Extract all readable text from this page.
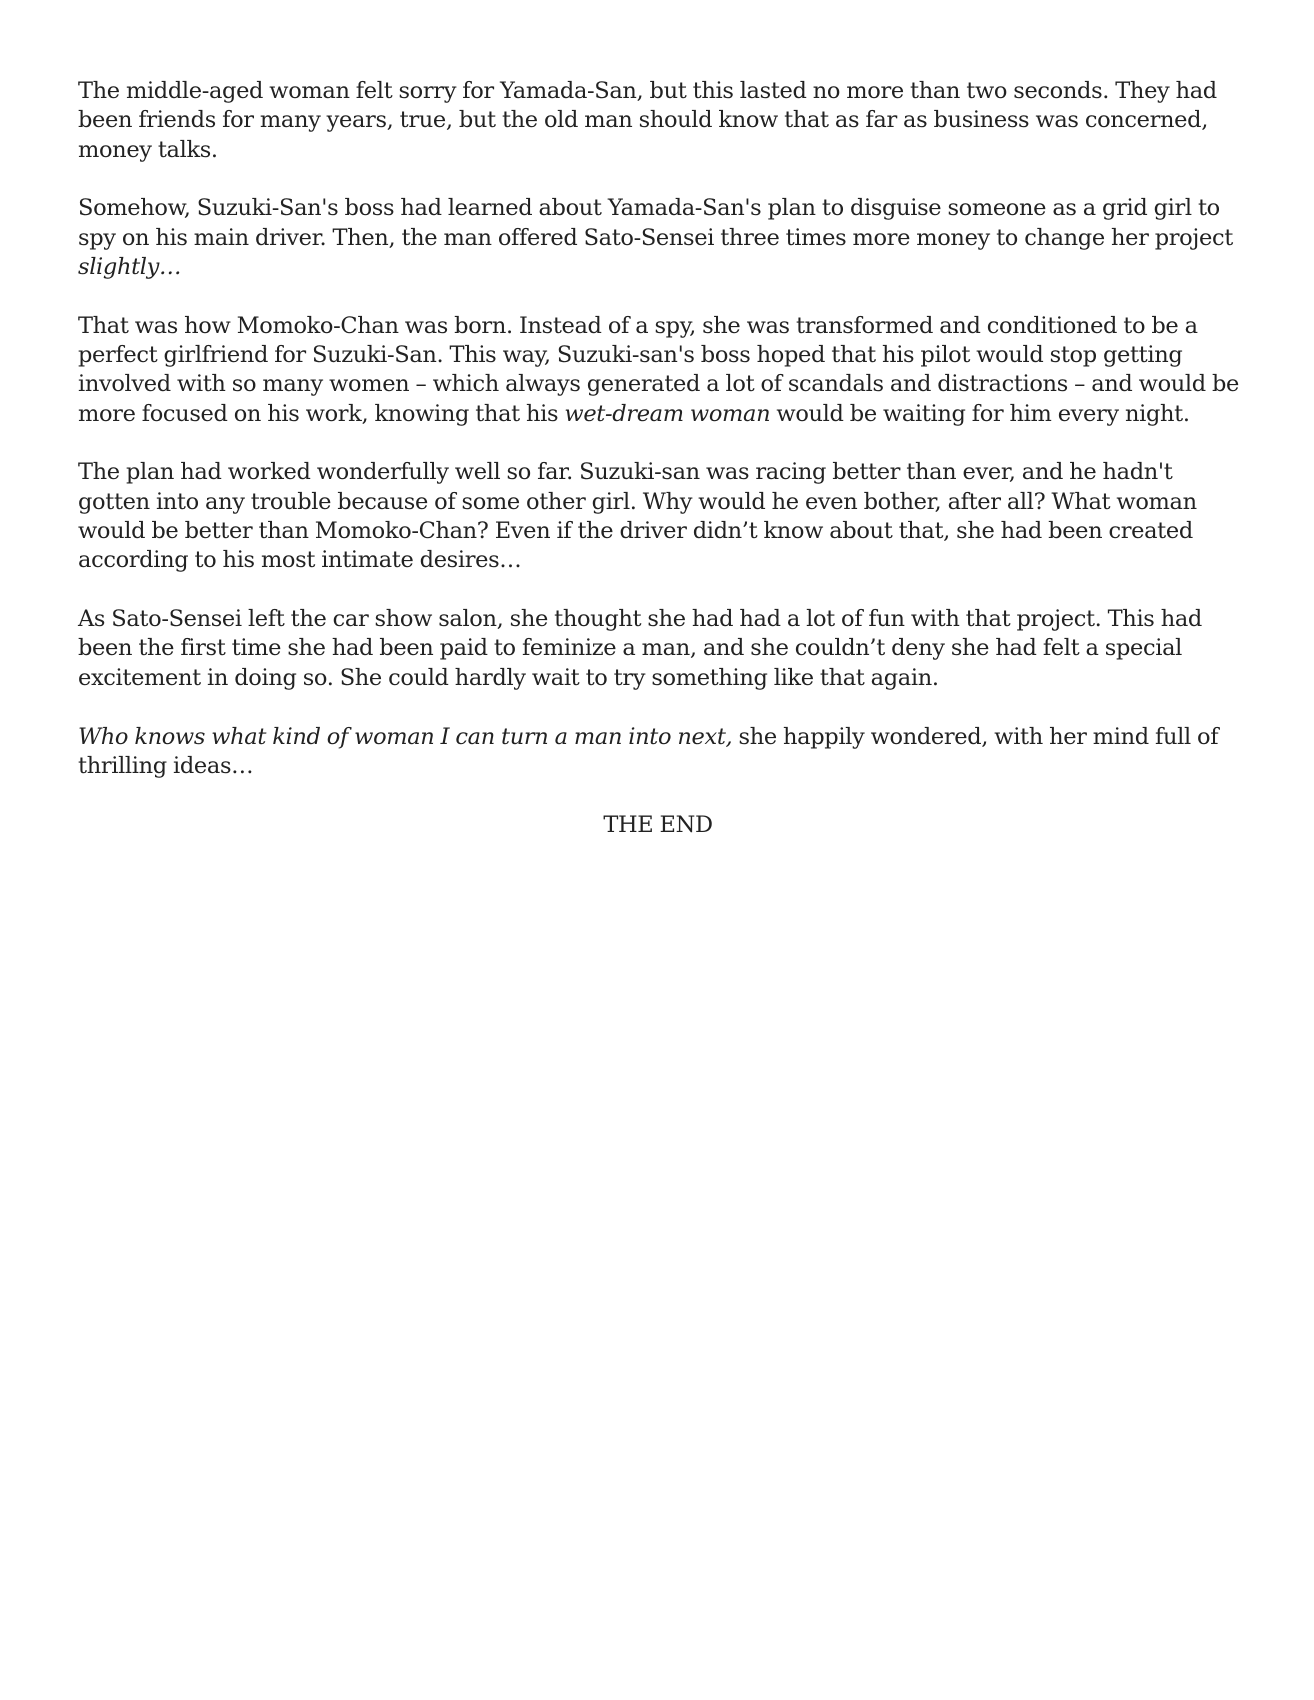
The middle-aged woman felt sorry for Yamada-San, but this lasted no more than two seconds. They had been friends for many years, true, but the old man should know that as far as business was concerned, money talks.

Somehow, Suzuki-San's boss had learned about Yamada-San's plan to disguise someone as a grid girl to spy on his main driver. Then, the man offered Sato-Sensei three times more money to change her project slightly…

That was how Momoko-Chan was born. Instead of a spy, she was transformed and conditioned to be a perfect girlfriend for Suzuki-San. This way, Suzuki-san's boss hoped that his pilot would stop getting involved with so many women – which always generated a lot of scandals and distractions – and would be more focused on his work, knowing that his wet-dream woman would be waiting for him every night.

The plan had worked wonderfully well so far. Suzuki-san was racing better than ever, and he hadn't gotten into any trouble because of some other girl. Why would he even bother, after all? What woman would be better than Momoko-Chan? Even if the driver didn’t know about that, she had been created according to his most intimate desires…

As Sato-Sensei left the car show salon, she thought she had had a lot of fun with that project. This had been the first time she had been paid to feminize a man, and she couldn’t deny she had felt a special excitement in doing so. She could hardly wait to try something like that again.

Who knows what kind of woman I can turn a man into next, she happily wondered, with her mind full of thrilling ideas…

THE END
